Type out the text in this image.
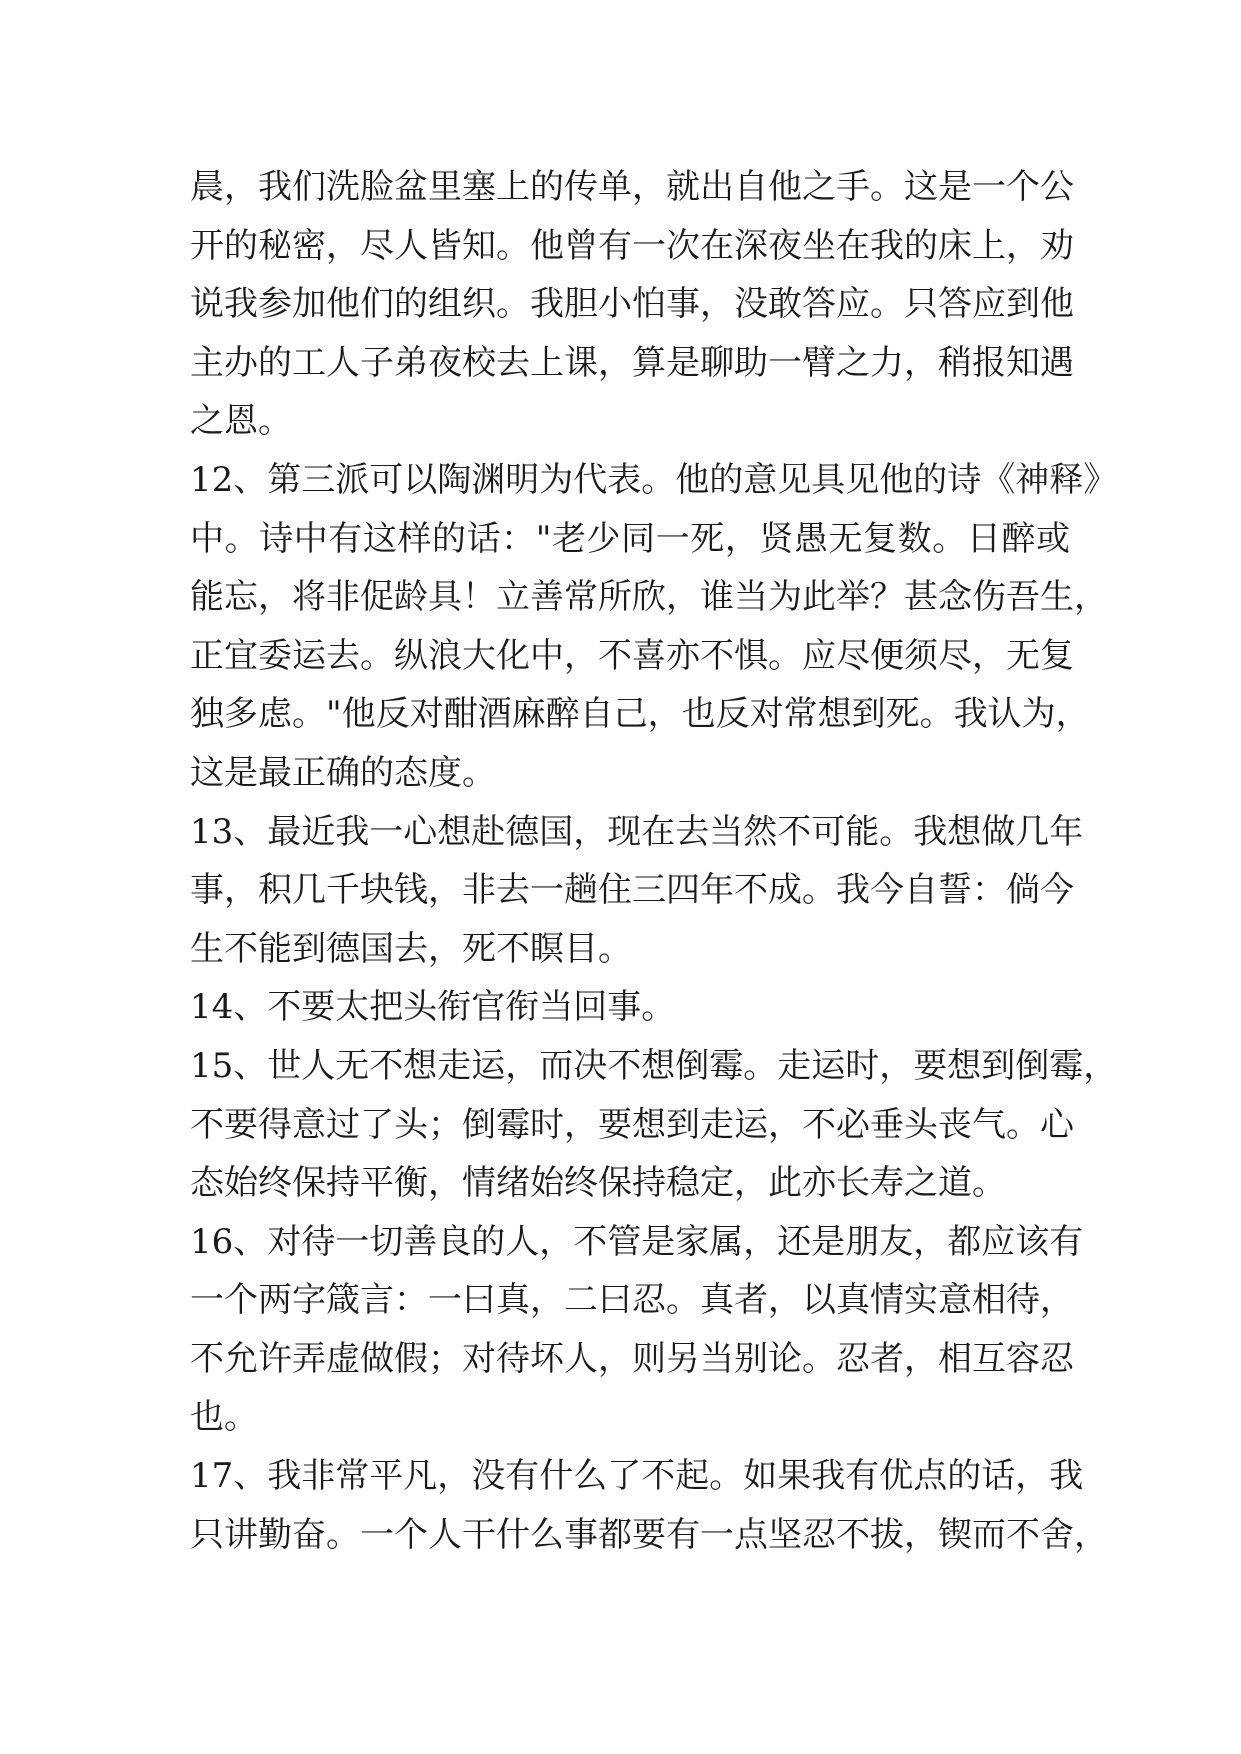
晨，我们洗脸盆里塞上的传单，就出自他之手。这是一个公
开的秘密，尽人皆知。他曾有一次在深夜坐在我的床上，劝
说我参加他们的组织。我胆小怕事，没敢答应。只答应到他
主办的工人子弟夜校去上课，算是聊助一臂之力，稍报知遇
之恩。
12、第三派可以陶渊明为代表。他的意见具见他的诗《神释》
中。诗中有这样的话："老少同一死，贤愚无复数。日醉或
能忘，将非促龄具！立善常所欣，谁当为此举？甚念伤吾生，
正宜委运去。纵浪大化中，不喜亦不惧。应尽便须尽，无复
独多虑。"他反对酣酒麻醉自己，也反对常想到死。我认为，
这是最正确的态度。
13、最近我一心想赴德国，现在去当然不可能。我想做几年
事，积几千块钱，非去一趟住三四年不成。我今自誓：倘今
生不能到德国去，死不瞑目。
14、不要太把头衔官衔当回事。
15、世人无不想走运，而决不想倒霉。走运时，要想到倒霉，
不要得意过了头；倒霉时，要想到走运，不必垂头丧气。心
态始终保持平衡，情绪始终保持稳定，此亦长寿之道。
16、对待一切善良的人，不管是家属，还是朋友，都应该有
一个两字箴言：一曰真，二曰忍。真者，以真情实意相待，
不允许弄虚做假；对待坏人，则另当别论。忍者，相互容忍
也。
17、我非常平凡，没有什么了不起。如果我有优点的话，我
只讲勤奋。一个人干什么事都要有一点坚忍不拔，锲而不舍，
